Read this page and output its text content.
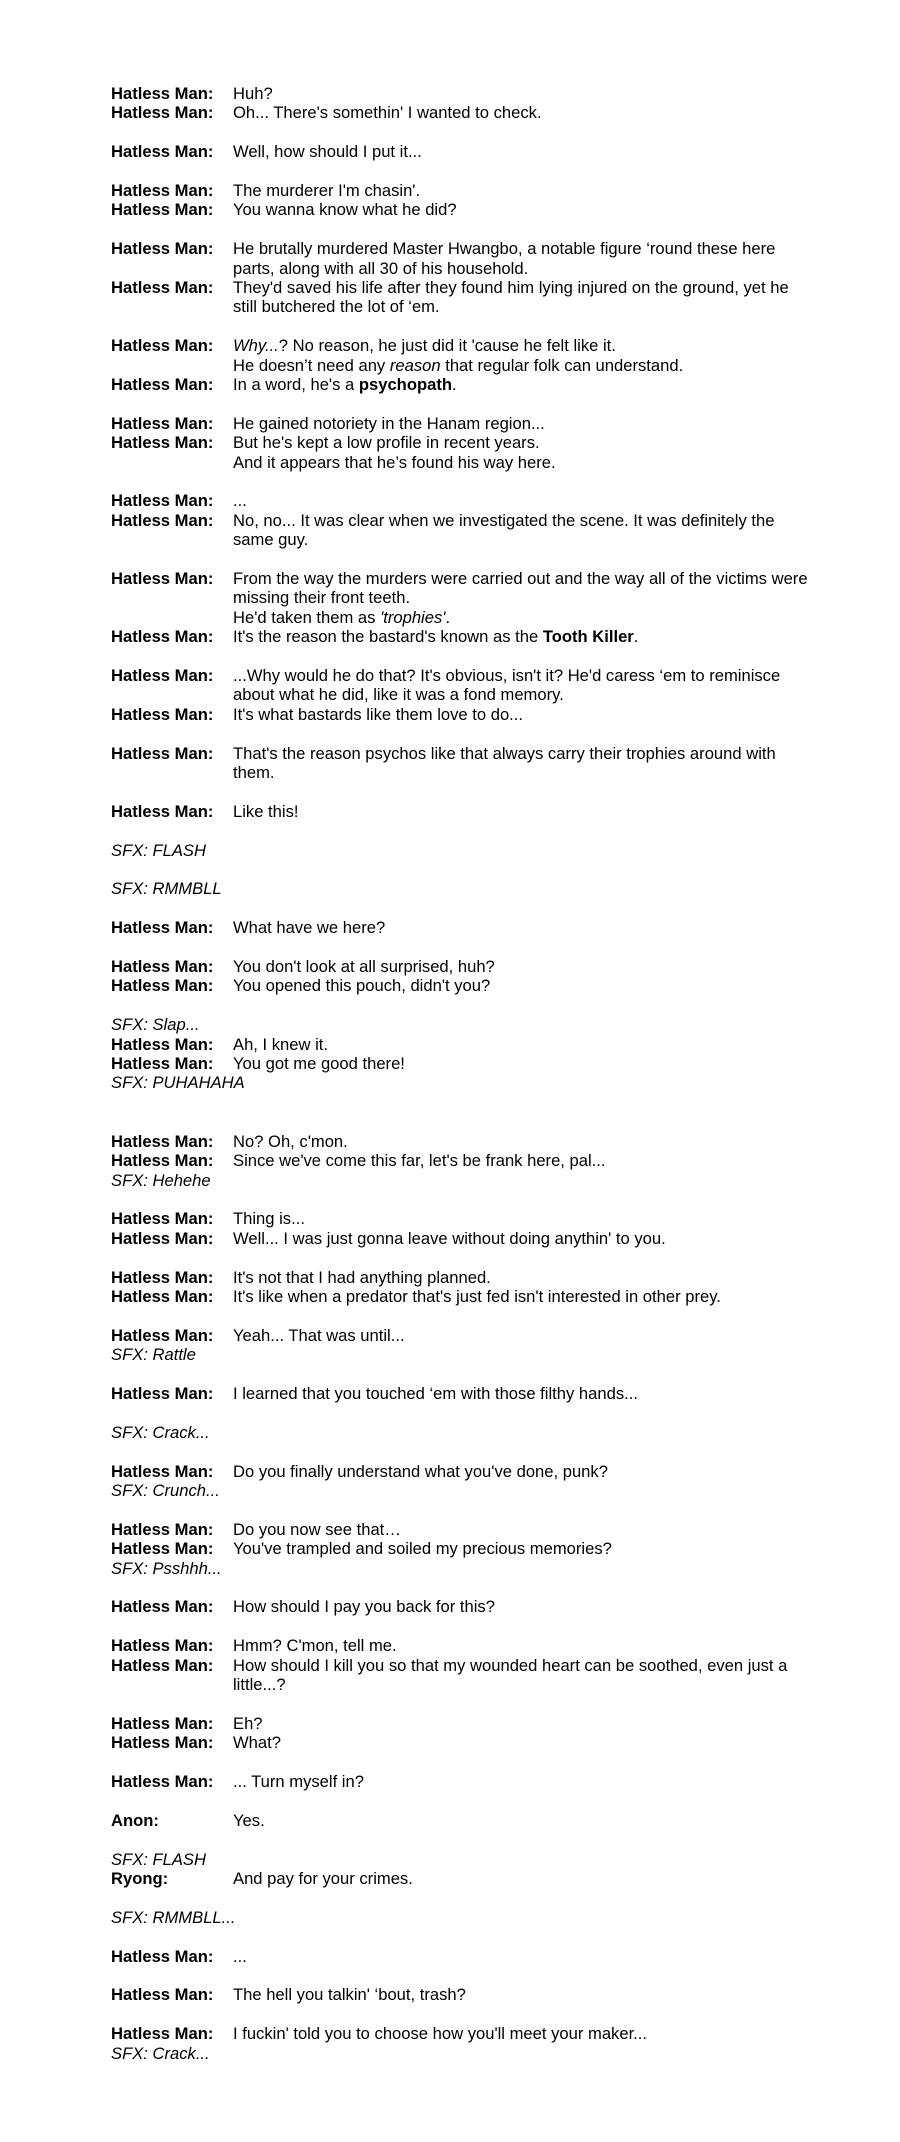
Hatless Man:	Huh?
Hatless Man:	Oh... There's somethin' I wanted to check.
Hatless Man:	Well, how should I put it...
Hatless Man:	The murderer I'm chasin'.
Hatless Man:	You wanna know what he did?
Hatless Man:	He brutally murdered Master Hwangbo, a notable figure ‘round these here parts, along with all 30 of his household.
Hatless Man:	They'd saved his life after they found him lying injured on the ground, yet he still butchered the lot of ‘em.
Hatless Man:	Why...? No reason, he just did it 'cause he felt like it.

He doesn’t need any reason that regular folk can understand.

Hatless Man:	In a word, he's a psychopath.

Hatless Man:	He gained notoriety in the Hanam region...
Hatless Man:	But he's kept a low profile in recent years.

And it appears that he’s found his way here.

Hatless Man:	...
Hatless Man:	No, no... It was clear when we investigated the scene. It was definitely the same guy.
Hatless Man:	From the way the murders were carried out and the way all of the victims were missing their front teeth.

He'd taken them as 'trophies'.

Hatless Man:	It's the reason the bastard's known as the Tooth Killer.

Hatless Man:	...Why would he do that? It's obvious, isn't it? He'd caress ‘em to reminisce about what he did, like it was a fond memory.
Hatless Man:	It's what bastards like them love to do...
Hatless Man:	That's the reason psychos like that always carry their trophies around with them.
Hatless Man:	Like this!
SFX: FLASH
SFX: RMMBLL
Hatless Man:	What have we here?
Hatless Man:	You don't look at all surprised, huh?
Hatless Man:	You opened this pouch, didn't you?
SFX: Slap...
Hatless Man:	Ah, I knew it.
Hatless Man:	You got me good there!
SFX: PUHAHAHA
Hatless Man:	No? Oh, c'mon.
Hatless Man:	Since we've come this far, let's be frank here, pal...
SFX: Hehehe
Hatless Man:	Thing is...
Hatless Man:	Well... I was just gonna leave without doing anythin' to you.
Hatless Man:	It's not that I had anything planned.
Hatless Man:	It's like when a predator that's just fed isn't interested in other prey.
Hatless Man:	Yeah... That was until...
SFX: Rattle
Hatless Man:	I learned that you touched ‘em with those filthy hands...
SFX: Crack...
Hatless Man:	Do you finally understand what you've done, punk?
SFX: Crunch...
Hatless Man:	Do you now see that…
Hatless Man:	You've trampled and soiled my precious memories?
SFX: Psshhh...
Hatless Man:	How should I pay you back for this?
Hatless Man:	Hmm? C'mon, tell me.
Hatless Man:	How should I kill you so that my wounded heart can be soothed, even just a little...?
Hatless Man:	Eh?
Hatless Man:	What?
Hatless Man:	... Turn myself in?
Anon:	Yes.
SFX: FLASH
Ryong:	And pay for your crimes.
SFX: RMMBLL...
Hatless Man:	...
Hatless Man:	The hell you talkin' ‘bout, trash?
Hatless Man:	I fuckin' told you to choose how you'll meet your maker...
SFX: Crack...
